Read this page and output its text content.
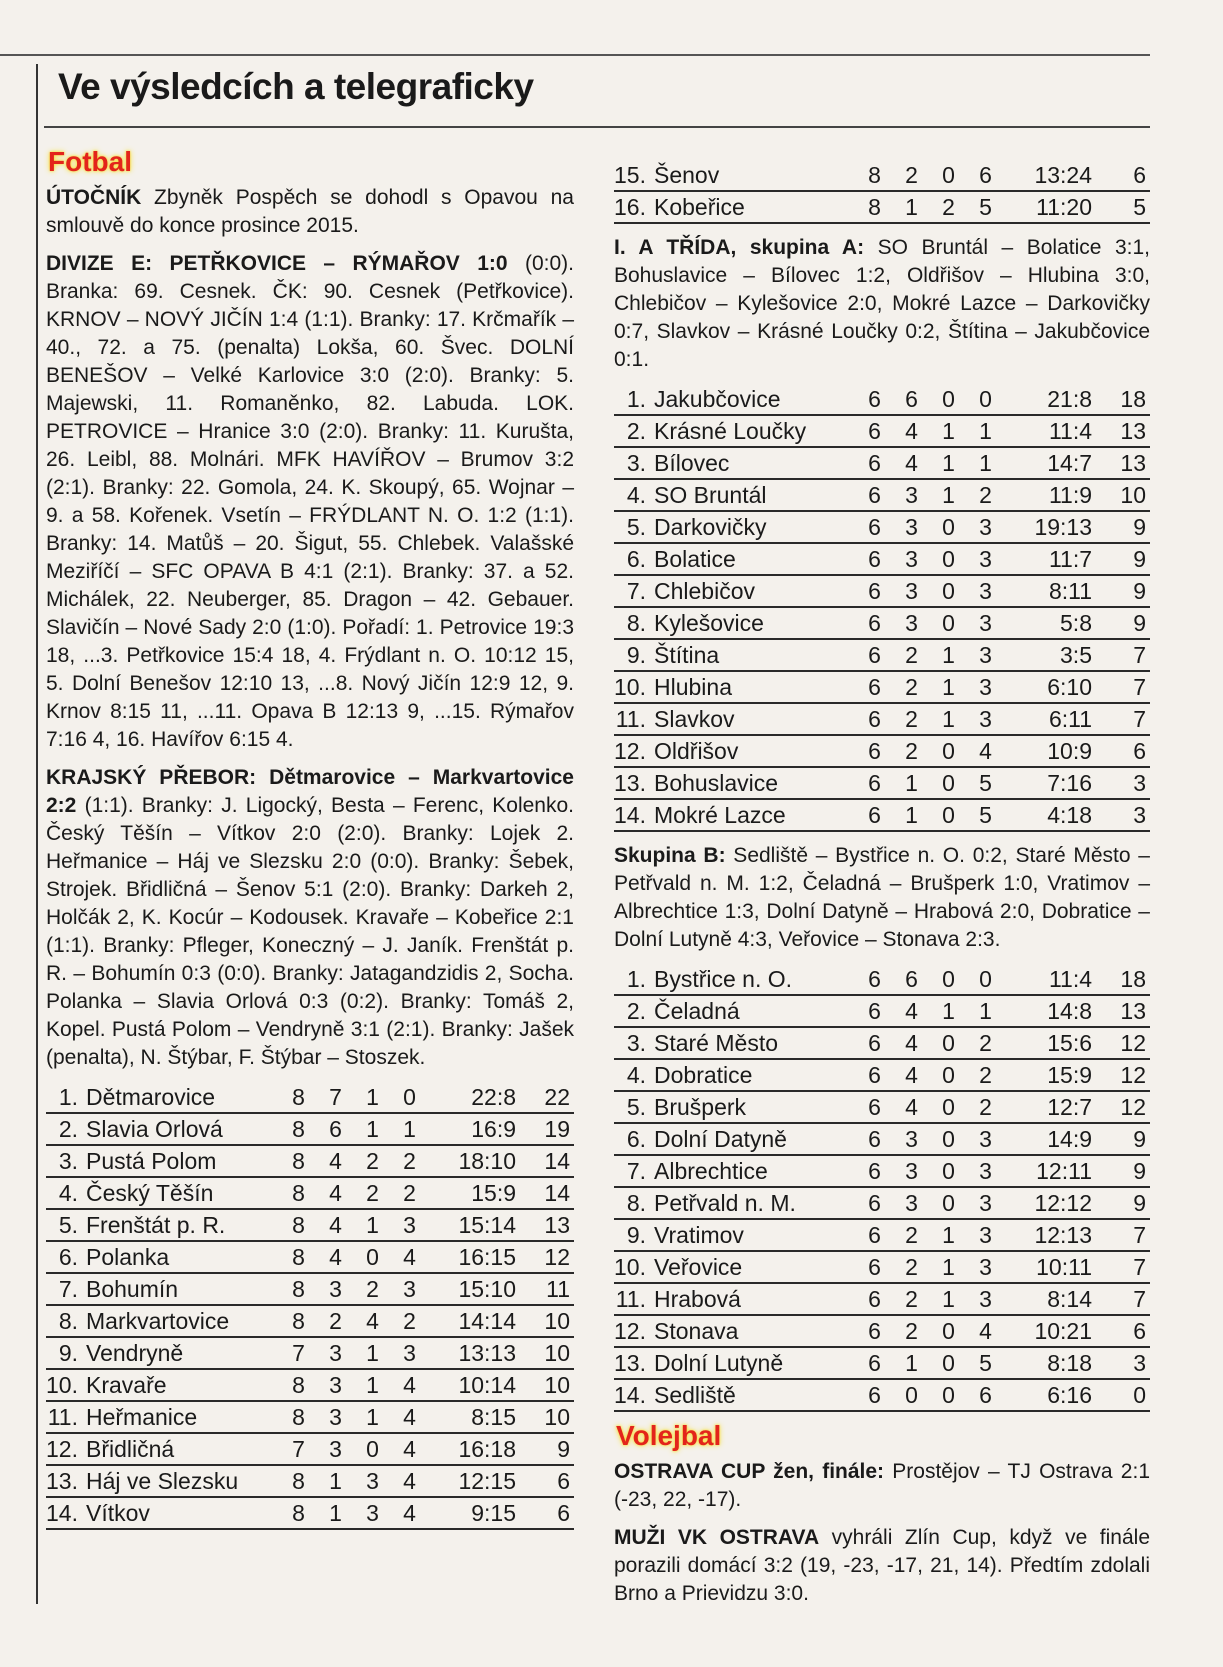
Ve výsledcích a telegraficky
Fotbal

ÚTOČNÍK Zbyněk Pospěch se dohodl s Opavou na smlouvě do konce prosince 2015.

DIVIZE E: PETŘKOVICE – RÝMAŘOV 1:0 (0:0). Branka: 69. Cesnek. ČK: 90. Cesnek (Petřkovice). KRNOV – NOVÝ JIČÍN 1:4 (1:1). Branky: 17. Krčmařík – 40., 72. a 75. (penalta) Lokša, 60. Švec. DOLNÍ BENEŠOV – Velké Karlovice 3:0 (2:0). Branky: 5. Majewski, 11. Romaněnko, 82. Labuda. LOK. PETROVICE – Hranice 3:0 (2:0). Branky: 11. Kurušta, 26. Leibl, 88. Molnári. MFK HAVÍŘOV – Brumov 3:2 (2:1). Branky: 22. Gomola, 24. K. Skoupý, 65. Wojnar – 9. a 58. Kořenek. Vsetín – FRÝDLANT N. O. 1:2 (1:1). Branky: 14. Matůš – 20. Šigut, 55. Chlebek. Valašské Meziříčí – SFC OPAVA B 4:1 (2:1). Branky: 37. a 52. Michálek, 22. Neuberger, 85. Dragon – 42. Gebauer. Slavičín – Nové Sady 2:0 (1:0). Pořadí: 1. Petrovice 19:3 18, ...3. Petřkovice 15:4 18, 4. Frýdlant n. O. 10:12 15, 5. Dolní Benešov 12:10 13, ...8. Nový Jičín 12:9 12, 9. Krnov 8:15 11, ...11. Opava B 12:13 9, ...15. Rýmařov 7:16 4, 16. Havířov 6:15 4.

KRAJSKÝ PŘEBOR: Dětmarovice – Markvartovice 2:2 (1:1). Branky: J. Ligocký, Besta – Ferenc, Kolenko. Český Těšín – Vítkov 2:0 (2:0). Branky: Lojek 2. Heřmanice – Háj ve Slezsku 2:0 (0:0). Branky: Šebek, Strojek. Břidličná – Šenov 5:1 (2:0). Branky: Darkeh 2, Holčák 2, K. Kocúr – Kodousek. Kravaře – Kobeřice 2:1 (1:1). Branky: Pfleger, Koneczný – J. Janík. Frenštát p. R. – Bohumín 0:3 (0:0). Branky: Jatagandzidis 2, Socha. Polanka – Slavia Orlová 0:3 (0:2). Branky: Tomáš 2, Kopel. Pustá Polom – Vendryně 3:1 (2:1). Branky: Jašek (penalta), N. Štýbar, F. Štýbar – Stoszek.

1.	Dětmarovice	8	7	1	0	22:8	22
2.	Slavia Orlová	8	6	1	1	16:9	19
3.	Pustá Polom	8	4	2	2	18:10	14
4.	Český Těšín	8	4	2	2	15:9	14
5.	Frenštát p. R.	8	4	1	3	15:14	13
6.	Polanka	8	4	0	4	16:15	12
7.	Bohumín	8	3	2	3	15:10	11
8.	Markvartovice	8	2	4	2	14:14	10
9.	Vendryně	7	3	1	3	13:13	10
10.	Kravaře	8	3	1	4	10:14	10
11.	Heřmanice	8	3	1	4	8:15	10
12.	Břidličná	7	3	0	4	16:18	9
13.	Háj ve Slezsku	8	1	3	4	12:15	6
14.	Vítkov	8	1	3	4	9:15	6
15.	Šenov	8	2	0	6	13:24	6
16.	Kobeřice	8	1	2	5	11:20	5

I. A TŘÍDA, skupina A: SO Bruntál – Bolatice 3:1, Bohuslavice – Bílovec 1:2, Oldřišov – Hlubina 3:0, Chlebičov – Kylešovice 2:0, Mokré Lazce – Darkovičky 0:7, Slavkov – Krásné Loučky 0:2, Štítina – Jakubčovice 0:1.

1.	Jakubčovice	6	6	0	0	21:8	18
2.	Krásné Loučky	6	4	1	1	11:4	13
3.	Bílovec	6	4	1	1	14:7	13
4.	SO Bruntál	6	3	1	2	11:9	10
5.	Darkovičky	6	3	0	3	19:13	9
6.	Bolatice	6	3	0	3	11:7	9
7.	Chlebičov	6	3	0	3	8:11	9
8.	Kylešovice	6	3	0	3	5:8	9
9.	Štítina	6	2	1	3	3:5	7
10.	Hlubina	6	2	1	3	6:10	7
11.	Slavkov	6	2	1	3	6:11	7
12.	Oldřišov	6	2	0	4	10:9	6
13.	Bohuslavice	6	1	0	5	7:16	3
14.	Mokré Lazce	6	1	0	5	4:18	3

Skupina B: Sedliště – Bystřice n. O. 0:2, Staré Město – Petřvald n. M. 1:2, Čeladná – Brušperk 1:0, Vratimov – Albrechtice 1:3, Dolní Datyně – Hrabová 2:0, Dobratice – Dolní Lutyně 4:3, Veřovice – Stonava 2:3.

1.	Bystřice n. O.	6	6	0	0	11:4	18
2.	Čeladná	6	4	1	1	14:8	13
3.	Staré Město	6	4	0	2	15:6	12
4.	Dobratice	6	4	0	2	15:9	12
5.	Brušperk	6	4	0	2	12:7	12
6.	Dolní Datyně	6	3	0	3	14:9	9
7.	Albrechtice	6	3	0	3	12:11	9
8.	Petřvald n. M.	6	3	0	3	12:12	9
9.	Vratimov	6	2	1	3	12:13	7
10.	Veřovice	6	2	1	3	10:11	7
11.	Hrabová	6	2	1	3	8:14	7
12.	Stonava	6	2	0	4	10:21	6
13.	Dolní Lutyně	6	1	0	5	8:18	3
14.	Sedliště	6	0	0	6	6:16	0
Volejbal

OSTRAVA CUP žen, finále: Prostějov – TJ Ostrava 2:1 (-23, 22, -17).

MUŽI VK OSTRAVA vyhráli Zlín Cup, když ve finále porazili domácí 3:2 (19, -23, -17, 21, 14). Předtím zdolali Brno a Prievidzu 3:0.
